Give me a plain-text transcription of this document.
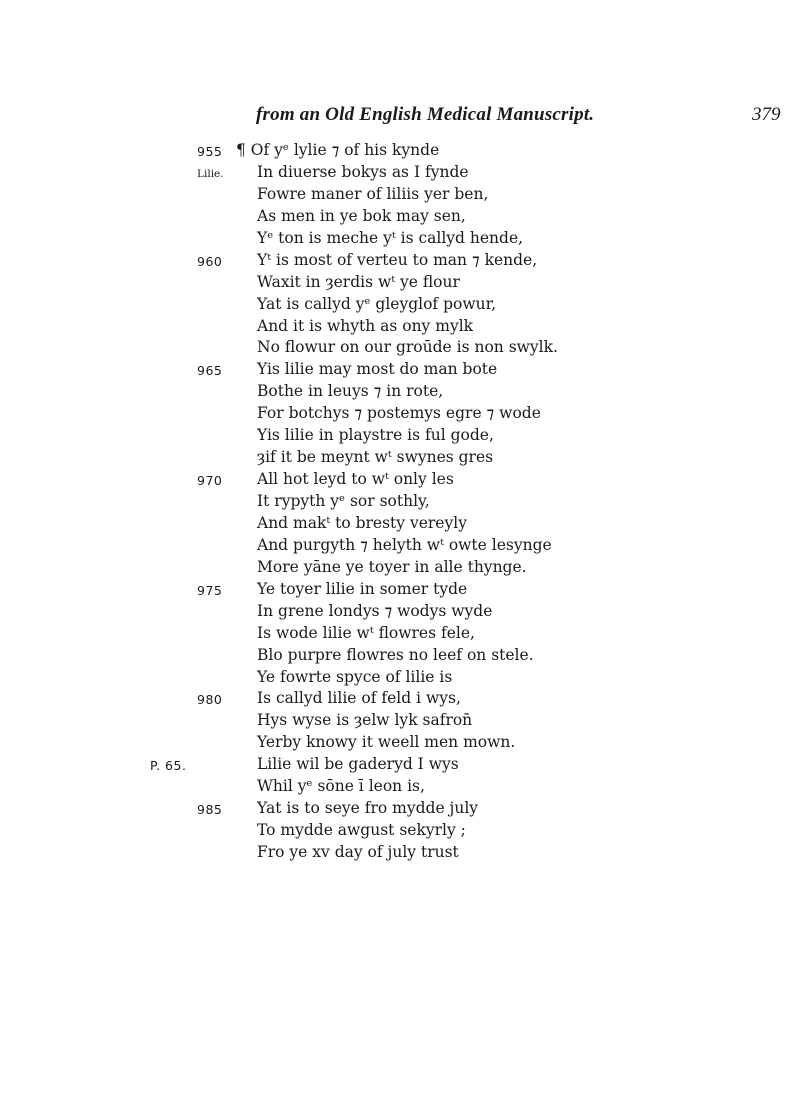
from an Old English Medical Manuscript.	379
955 ¶ Of yᵉ lylie ⁊ of his kynde
Lilie. In diuerse bokys as I fynde
Fowre maner of liliis yer ben,
As men in ye bok may sen,
Yᵉ ton is meche yᵗ is callyd hende,
960 Yᵗ is most of verteu to man ⁊ kende,
Waxit in ȝerdis wᵗ ye flour
Yat is callyd yᵉ gleyglof powur,
And it is whyth as ony mylk
No flowur on our groūde is non swylk.
965 Yis lilie may most do man bote
Bothe in leuys ⁊ in rote,
For botchys ⁊ postemys egre ⁊ wode
Yis lilie in playstre is ful gode,
ȝif it be meynt wᵗ swynes gres
970 All hot leyd to wᵗ only les
It rypyth yᵉ sor sothly,
And makᵗ to bresty vereyly
And purgyth ⁊ helyth wᵗ owte lesynge
More yāne ye toyer in alle thynge.
975 Ye toyer lilie in somer tyde
In grene londys ⁊ wodys wyde
Is wode lilie wᵗ flowres fele,
Blo purpre flowres no leef on stele.
Ye fowrte spyce of lilie is
980 Is callyd lilie of feld i wys,
Hys wyse is ȝelw lyk safron̄
Yerby knowy it weell men mown.
P. 65.	Lilie wil be gaderyd I wys
Whil yᵉ sōne ī leon is,
985 Yat is to seye fro mydde july
To mydde awgust sekyrly ;
Fro ye xv day of july trust
